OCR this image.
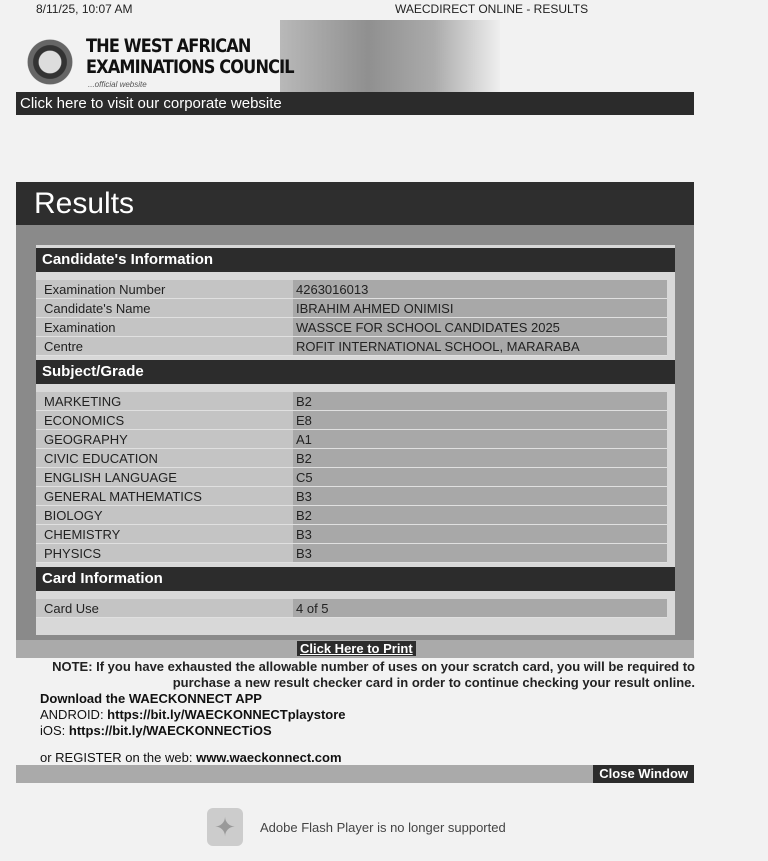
8/11/25, 10:07 AM	WAECDIRECT ONLINE - RESULTS
THE WEST AFRICAN
EXAMINATIONS COUNCIL
...official website
Click here to visit our corporate website
Results
Candidate's Information
Examination Number	4263016013
Candidate's Name	IBRAHIM AHMED ONIMISI
Examination	WASSCE FOR SCHOOL CANDIDATES 2025
Centre	ROFIT INTERNATIONAL SCHOOL, MARARABA
Subject/Grade
MARKETING	B2
ECONOMICS	E8
GEOGRAPHY	A1
CIVIC EDUCATION	B2
ENGLISH LANGUAGE	C5
GENERAL MATHEMATICS	B3
BIOLOGY	B2
CHEMISTRY	B3
PHYSICS	B3
Card Information
Card Use	4 of 5
Click Here to Print
NOTE: If you have exhausted the allowable number of uses on your scratch card, you will be required to
purchase a new result checker card in order to continue checking your result online.
Download the WAECKONNECT APP
ANDROID: https://bit.ly/WAECKONNECTplaystore
iOS: https://bit.ly/WAECKONNECTiOS
or REGISTER on the web: www.waeckonnect.com
Close Window
✦	Adobe Flash Player is no longer supported
